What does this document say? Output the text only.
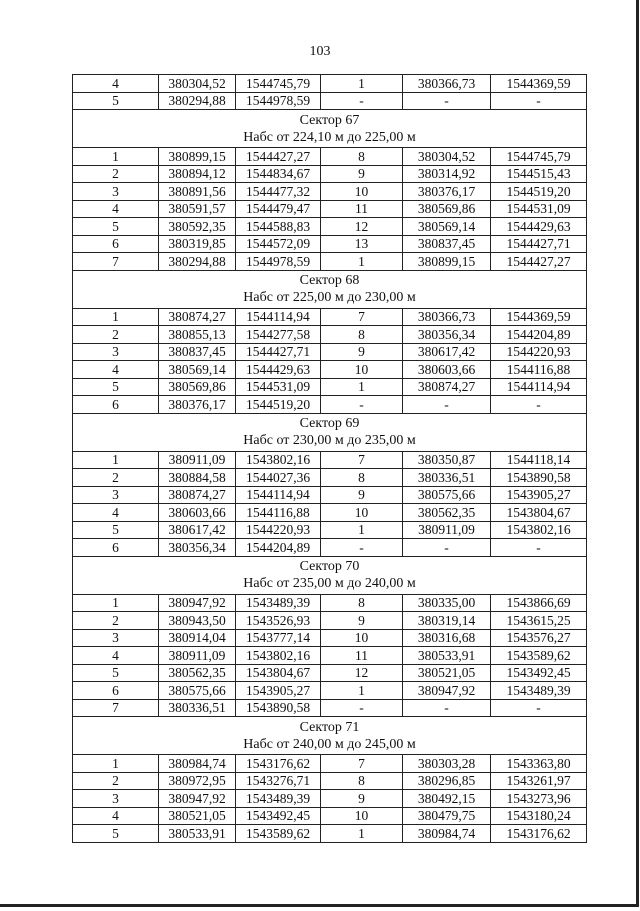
103
4	380304,52	1544745,79	1	380366,73	1544369,59
5	380294,88	1544978,59	-	-	-

Сектор 67
Набс от 224,10 м до 225,00 м					

1	380899,15	1544427,27	8	380304,52	1544745,79
2	380894,12	1544834,67	9	380314,92	1544515,43
3	380891,56	1544477,32	10	380376,17	1544519,20
4	380591,57	1544479,47	11	380569,86	1544531,09
5	380592,35	1544588,83	12	380569,14	1544429,63
6	380319,85	1544572,09	13	380837,45	1544427,71
7	380294,88	1544978,59	1	380899,15	1544427,27

Сектор 68
Набс от 225,00 м до 230,00 м					

1	380874,27	1544114,94	7	380366,73	1544369,59
2	380855,13	1544277,58	8	380356,34	1544204,89
3	380837,45	1544427,71	9	380617,42	1544220,93
4	380569,14	1544429,63	10	380603,66	1544116,88
5	380569,86	1544531,09	1	380874,27	1544114,94
6	380376,17	1544519,20	-	-	-

Сектор 69
Набс от 230,00 м до 235,00 м					

1	380911,09	1543802,16	7	380350,87	1544118,14
2	380884,58	1544027,36	8	380336,51	1543890,58
3	380874,27	1544114,94	9	380575,66	1543905,27
4	380603,66	1544116,88	10	380562,35	1543804,67
5	380617,42	1544220,93	1	380911,09	1543802,16
6	380356,34	1544204,89	-	-	-

Сектор 70
Набс от 235,00 м до 240,00 м					

1	380947,92	1543489,39	8	380335,00	1543866,69
2	380943,50	1543526,93	9	380319,14	1543615,25
3	380914,04	1543777,14	10	380316,68	1543576,27
4	380911,09	1543802,16	11	380533,91	1543589,62
5	380562,35	1543804,67	12	380521,05	1543492,45
6	380575,66	1543905,27	1	380947,92	1543489,39
7	380336,51	1543890,58	-	-	-

Сектор 71
Набс от 240,00 м до 245,00 м					

1	380984,74	1543176,62	7	380303,28	1543363,80
2	380972,95	1543276,71	8	380296,85	1543261,97
3	380947,92	1543489,39	9	380492,15	1543273,96
4	380521,05	1543492,45	10	380479,75	1543180,24
5	380533,91	1543589,62	1	380984,74	1543176,62
